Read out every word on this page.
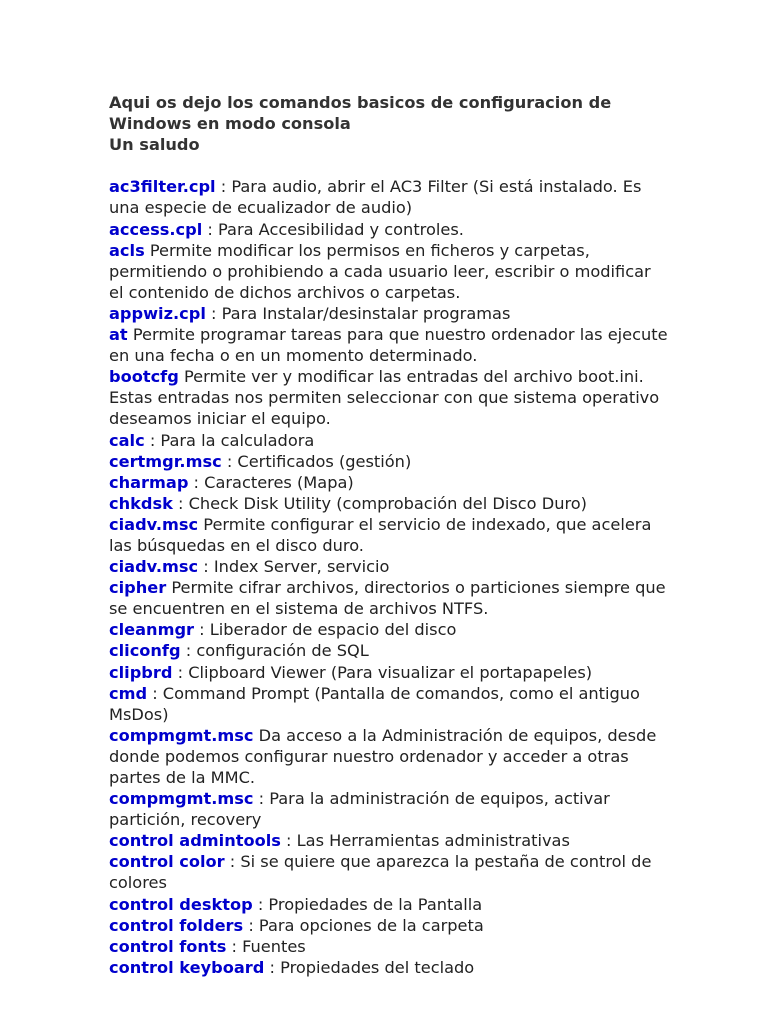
Aqui os dejo los comandos basicos de configuracion de
Windows en modo consola
Un saludo
ac3filter.cpl : Para audio, abrir el AC3 Filter (Si está instalado. Es una especie de ecualizador de audio)
access.cpl : Para Accesibilidad y controles.
acls Permite modificar los permisos en ficheros y carpetas, permitiendo o prohibiendo a cada usuario leer, escribir o modificar el contenido de dichos archivos o carpetas.
appwiz.cpl : Para Instalar/desinstalar programas
at Permite programar tareas para que nuestro ordenador las ejecute en una fecha o en un momento determinado.
bootcfg Permite ver y modificar las entradas del archivo boot.ini. Estas entradas nos permiten seleccionar con que sistema operativo deseamos iniciar el equipo.
calc : Para la calculadora
certmgr.msc : Certificados (gestión)
charmap : Caracteres (Mapa)
chkdsk : Check Disk Utility (comprobación del Disco Duro)
ciadv.msc Permite configurar el servicio de indexado, que acelera las búsquedas en el disco duro.
ciadv.msc : Index Server, servicio
cipher Permite cifrar archivos, directorios o particiones siempre que se encuentren en el sistema de archivos NTFS.
cleanmgr : Liberador de espacio del disco
cliconfg : configuración de SQL
clipbrd : Clipboard Viewer (Para visualizar el portapapeles)
cmd : Command Prompt (Pantalla de comandos, como el antiguo MsDos)
compmgmt.msc Da acceso a la Administración de equipos, desde donde podemos configurar nuestro ordenador y acceder a otras partes de la MMC.
compmgmt.msc : Para la administración de equipos, activar partición, recovery
control admintools : Las Herramientas administrativas
control color : Si se quiere que aparezca la pestaña de control de colores
control desktop : Propiedades de la Pantalla
control folders : Para opciones de la carpeta
control fonts : Fuentes
control keyboard : Propiedades del teclado
